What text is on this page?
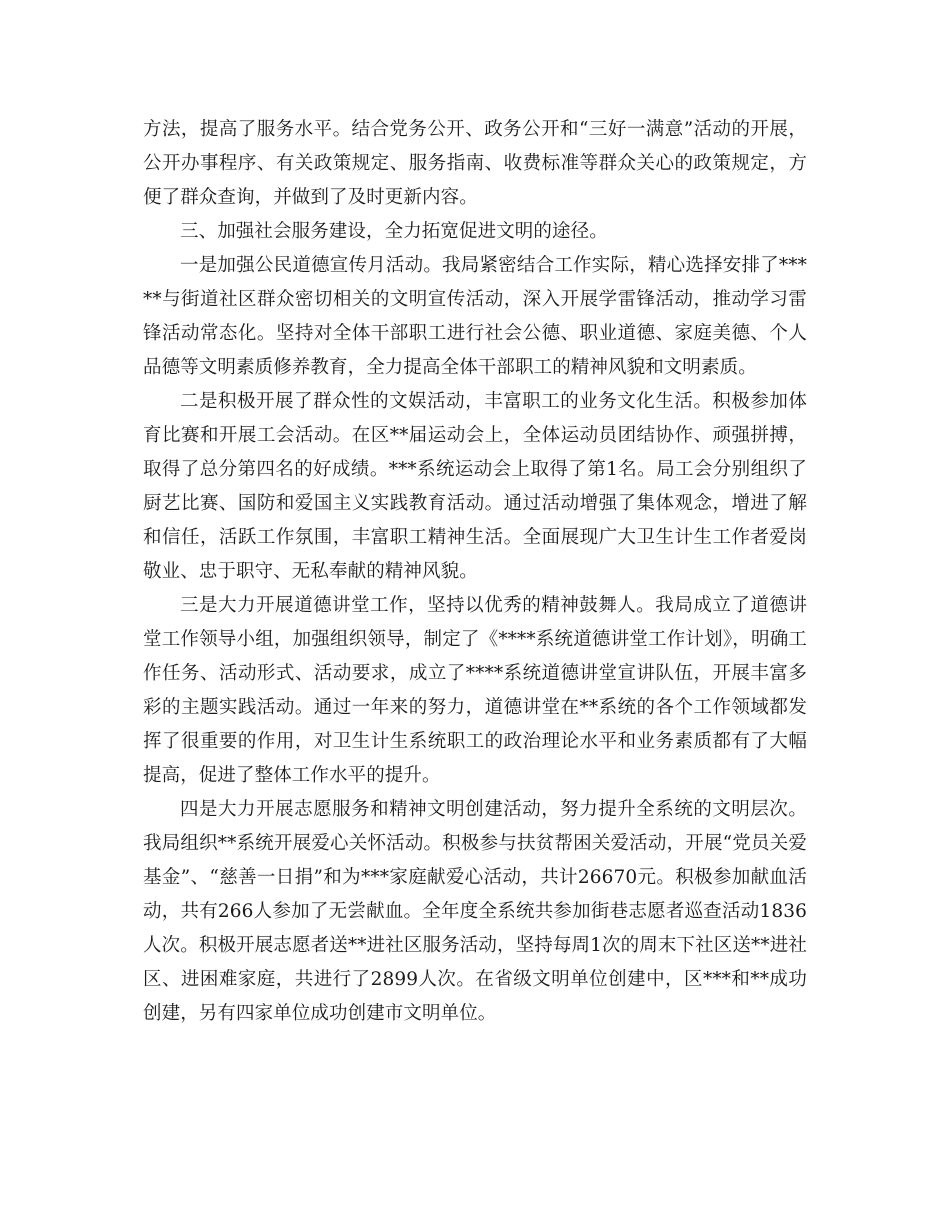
方法，提高了服务水平。结合党务公开、政务公开和“三好一满意”活动的开展，公开办事程序、有关政策规定、服务指南、收费标准等群众关心的政策规定，方便了群众查询，并做到了及时更新内容。

三、加强社会服务建设，全力拓宽促进文明的途径。

一是加强公民道德宣传月活动。我局紧密结合工作实际，精心选择安排了*****与街道社区群众密切相关的文明宣传活动，深入开展学雷锋活动，推动学习雷锋活动常态化。坚持对全体干部职工进行社会公德、职业道德、家庭美德、个人品德等文明素质修养教育，全力提高全体干部职工的精神风貌和文明素质。

二是积极开展了群众性的文娱活动，丰富职工的业务文化生活。积极参加体育比赛和开展工会活动。在区**届运动会上，全体运动员团结协作、顽强拼搏，取得了总分第四名的好成绩。***系统运动会上取得了第1名。局工会分别组织了厨艺比赛、国防和爱国主义实践教育活动。通过活动增强了集体观念，增进了解和信任，活跃工作氛围，丰富职工精神生活。全面展现广大卫生计生工作者爱岗敬业、忠于职守、无私奉献的精神风貌。

三是大力开展道德讲堂工作，坚持以优秀的精神鼓舞人。我局成立了道德讲堂工作领导小组，加强组织领导，制定了《****系统道德讲堂工作计划》，明确工作任务、活动形式、活动要求，成立了****系统道德讲堂宣讲队伍，开展丰富多彩的主题实践活动。通过一年来的努力，道德讲堂在**系统的各个工作领域都发挥了很重要的作用，对卫生计生系统职工的政治理论水平和业务素质都有了大幅提高，促进了整体工作水平的提升。

四是大力开展志愿服务和精神文明创建活动，努力提升全系统的文明层次。我局组织**系统开展爱心关怀活动。积极参与扶贫帮困关爱活动，开展“党员关爱基金”、“慈善一日捐”和为***家庭献爱心活动，共计26670元。积极参加献血活动，共有266人参加了无尝献血。全年度全系统共参加街巷志愿者巡查活动1836人次。积极开展志愿者送**进社区服务活动，坚持每周1次的周末下社区送**进社区、进困难家庭，共进行了2899人次。在省级文明单位创建中，区***和**成功创建，另有四家单位成功创建市文明单位。
